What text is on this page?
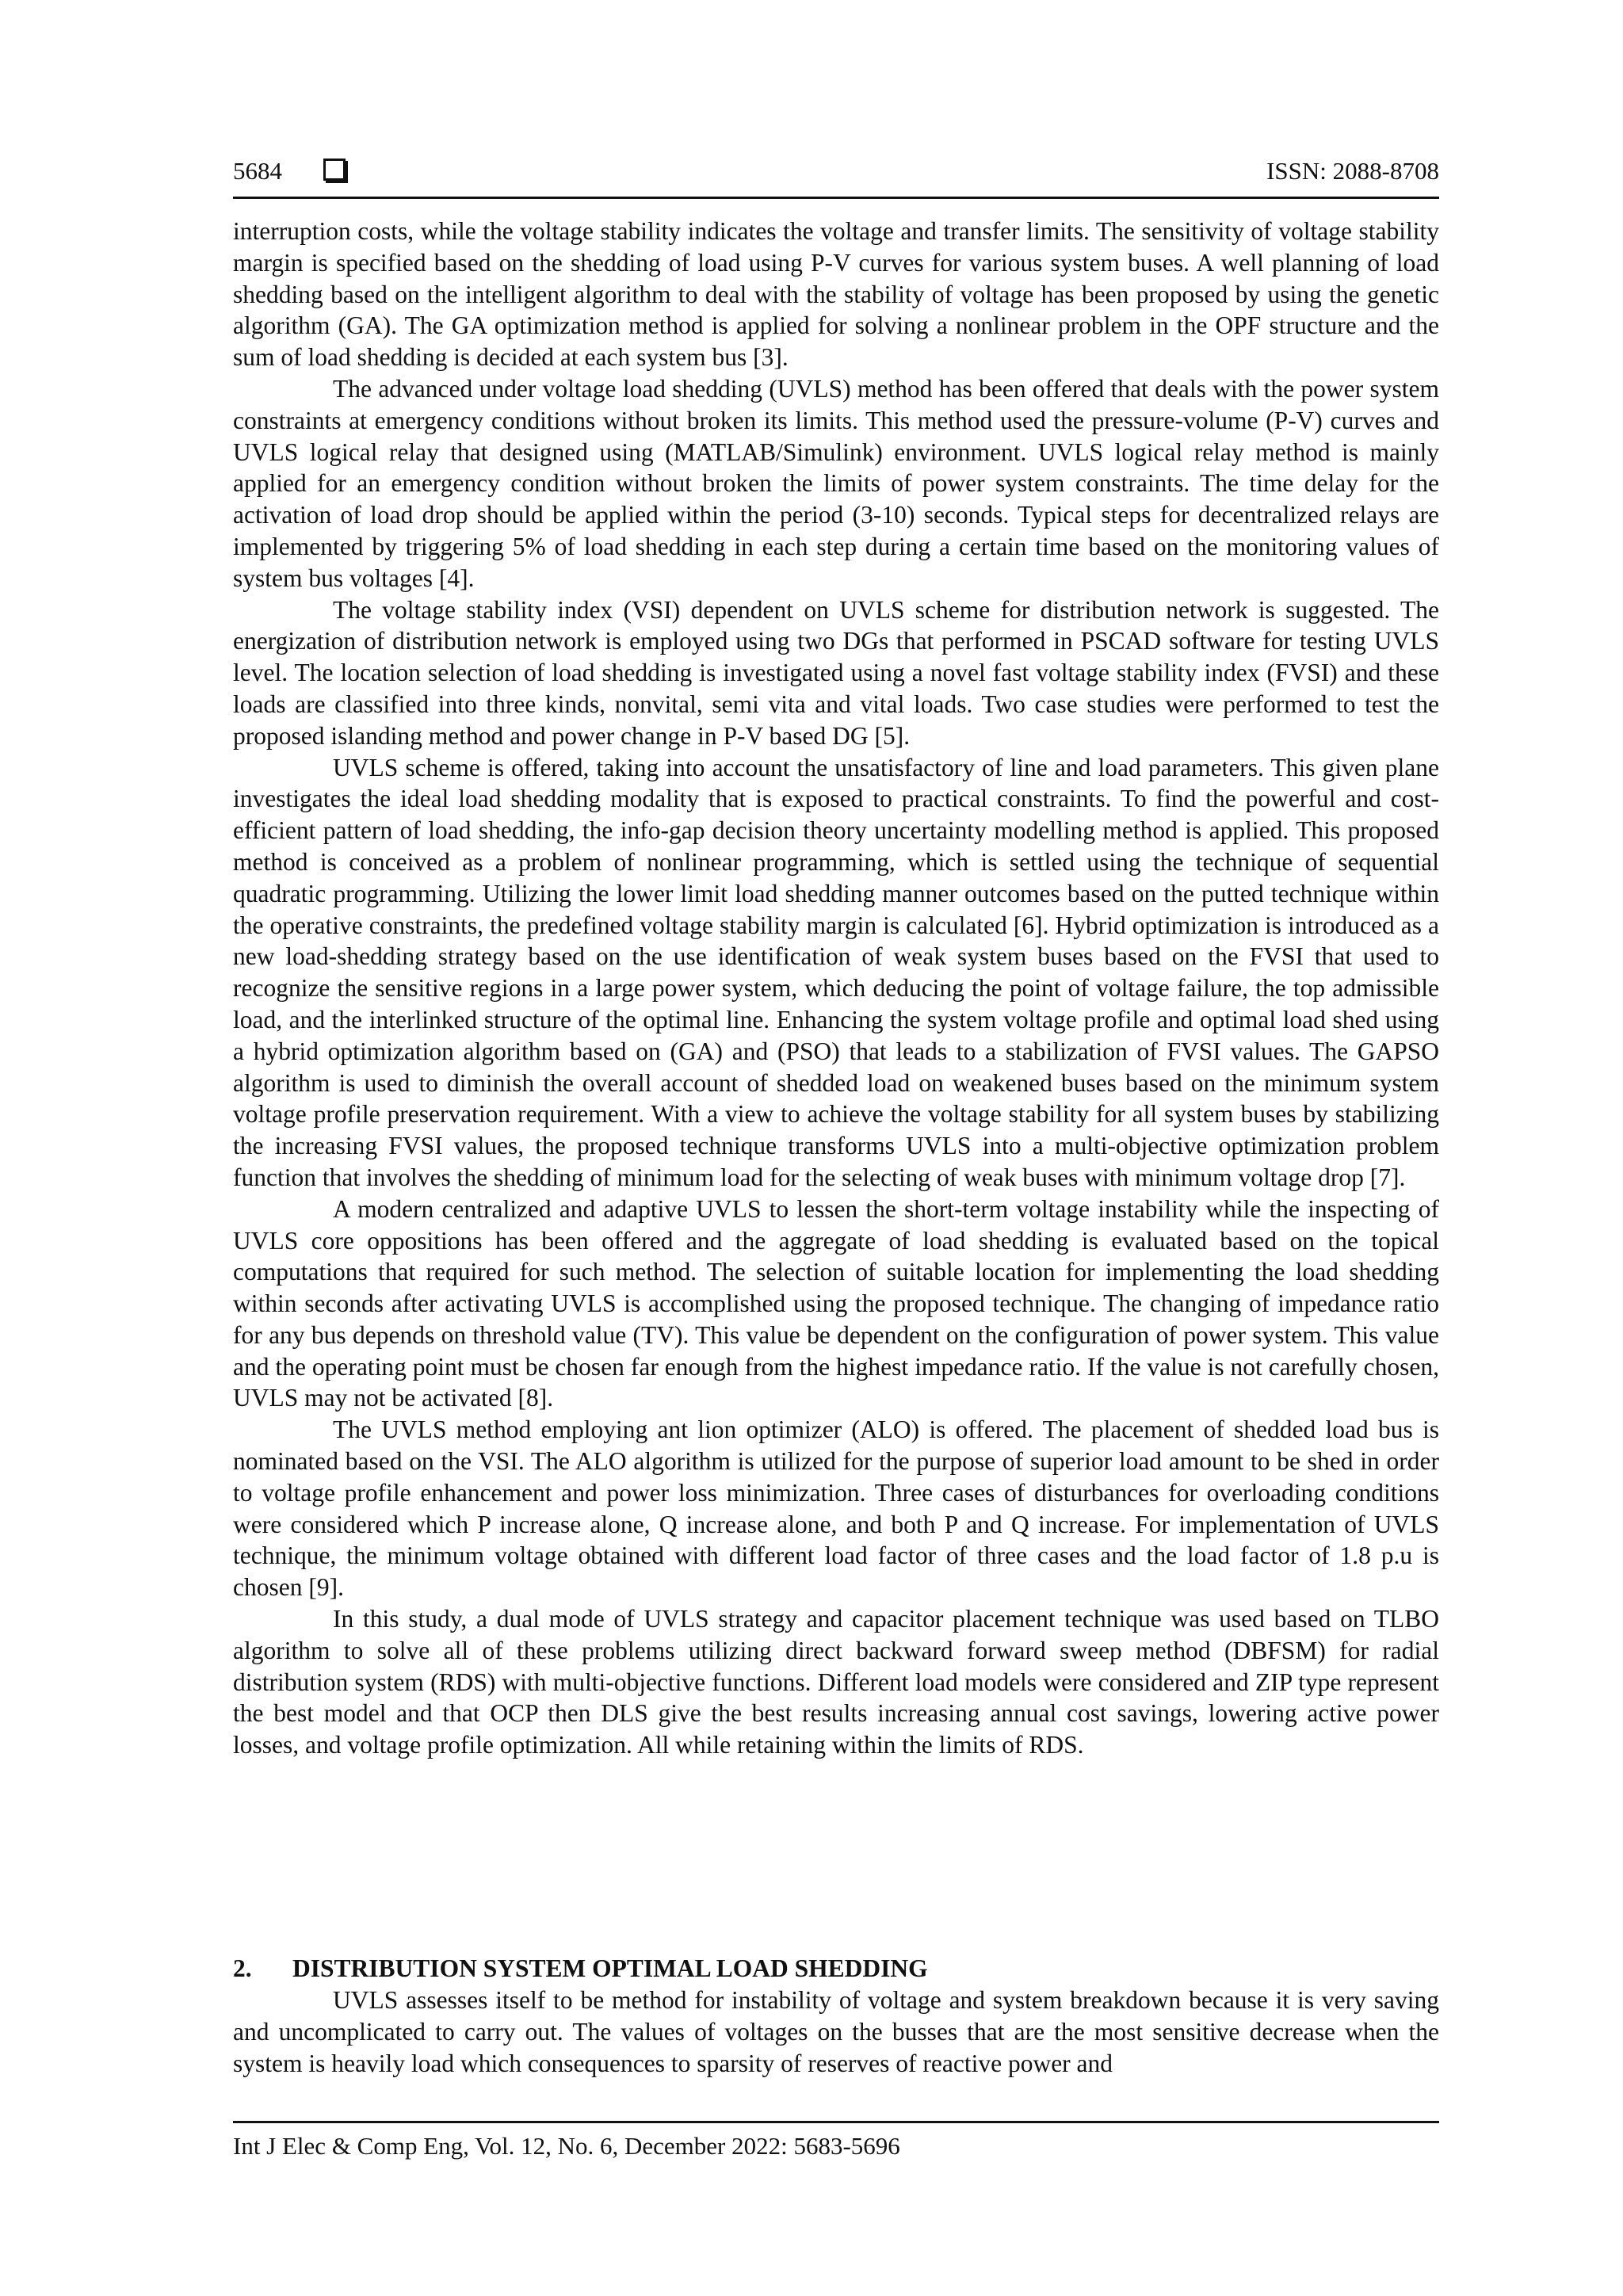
5684	ISSN: 2088-8708

interruption costs, while the voltage stability indicates the voltage and transfer limits. The sensitivity of voltage stability margin is specified based on the shedding of load using P-V curves for various system buses. A well planning of load shedding based on the intelligent algorithm to deal with the stability of voltage has been proposed by using the genetic algorithm (GA). The GA optimization method is applied for solving a nonlinear problem in the OPF structure and the sum of load shedding is decided at each system bus [3].

The advanced under voltage load shedding (UVLS) method has been offered that deals with the power system constraints at emergency conditions without broken its limits. This method used the pressure-volume (P-V) curves and UVLS logical relay that designed using (MATLAB/Simulink) environment. UVLS logical relay method is mainly applied for an emergency condition without broken the limits of power system constraints. The time delay for the activation of load drop should be applied within the period (3-10) seconds. Typical steps for decentralized relays are implemented by triggering 5% of load shedding in each step during a certain time based on the monitoring values of system bus voltages [4].

The voltage stability index (VSI) dependent on UVLS scheme for distribution network is suggested. The energization of distribution network is employed using two DGs that performed in PSCAD software for testing UVLS level. The location selection of load shedding is investigated using a novel fast voltage stability index (FVSI) and these loads are classified into three kinds, nonvital, semi vita and vital loads. Two case studies were performed to test the proposed islanding method and power change in P-V based DG [5].

UVLS scheme is offered, taking into account the unsatisfactory of line and load parameters. This given plane investigates the ideal load shedding modality that is exposed to practical constraints. To find the powerful and cost-efficient pattern of load shedding, the info-gap decision theory uncertainty modelling method is applied. This proposed method is conceived as a problem of nonlinear programming, which is settled using the technique of sequential quadratic programming. Utilizing the lower limit load shedding manner outcomes based on the putted technique within the operative constraints, the predefined voltage stability margin is calculated [6]. Hybrid optimization is introduced as a new load-shedding strategy based on the use identification of weak system buses based on the FVSI that used to recognize the sensitive regions in a large power system, which deducing the point of voltage failure, the top admissible load, and the interlinked structure of the optimal line. Enhancing the system voltage profile and optimal load shed using a hybrid optimization algorithm based on (GA) and (PSO) that leads to a stabilization of FVSI values. The GAPSO algorithm is used to diminish the overall account of shedded load on weakened buses based on the minimum system voltage profile preservation requirement. With a view to achieve the voltage stability for all system buses by stabilizing the increasing FVSI values, the proposed technique transforms UVLS into a multi-objective optimization problem function that involves the shedding of minimum load for the selecting of weak buses with minimum voltage drop [7].

A modern centralized and adaptive UVLS to lessen the short-term voltage instability while the inspecting of UVLS core oppositions has been offered and the aggregate of load shedding is evaluated based on the topical computations that required for such method. The selection of suitable location for implementing the load shedding within seconds after activating UVLS is accomplished using the proposed technique. The changing of impedance ratio for any bus depends on threshold value (TV). This value be dependent on the configuration of power system. This value and the operating point must be chosen far enough from the highest impedance ratio. If the value is not carefully chosen, UVLS may not be activated [8].

The UVLS method employing ant lion optimizer (ALO) is offered. The placement of shedded load bus is nominated based on the VSI. The ALO algorithm is utilized for the purpose of superior load amount to be shed in order to voltage profile enhancement and power loss minimization. Three cases of disturbances for overloading conditions were considered which P increase alone, Q increase alone, and both P and Q increase. For implementation of UVLS technique, the minimum voltage obtained with different load factor of three cases and the load factor of 1.8 p.u is chosen [9].

In this study, a dual mode of UVLS strategy and capacitor placement technique was used based on TLBO algorithm to solve all of these problems utilizing direct backward forward sweep method (DBFSM) for radial distribution system (RDS) with multi-objective functions. Different load models were considered and ZIP type represent the best model and that OCP then DLS give the best results increasing annual cost savings, lowering active power losses, and voltage profile optimization. All while retaining within the limits of RDS.

2. DISTRIBUTION SYSTEM OPTIMAL LOAD SHEDDING

UVLS assesses itself to be method for instability of voltage and system breakdown because it is very saving and uncomplicated to carry out. The values of voltages on the busses that are the most sensitive decrease when the system is heavily load which consequences to sparsity of reserves of reactive power and

Int J Elec & Comp Eng, Vol. 12, No. 6, December 2022: 5683-5696
